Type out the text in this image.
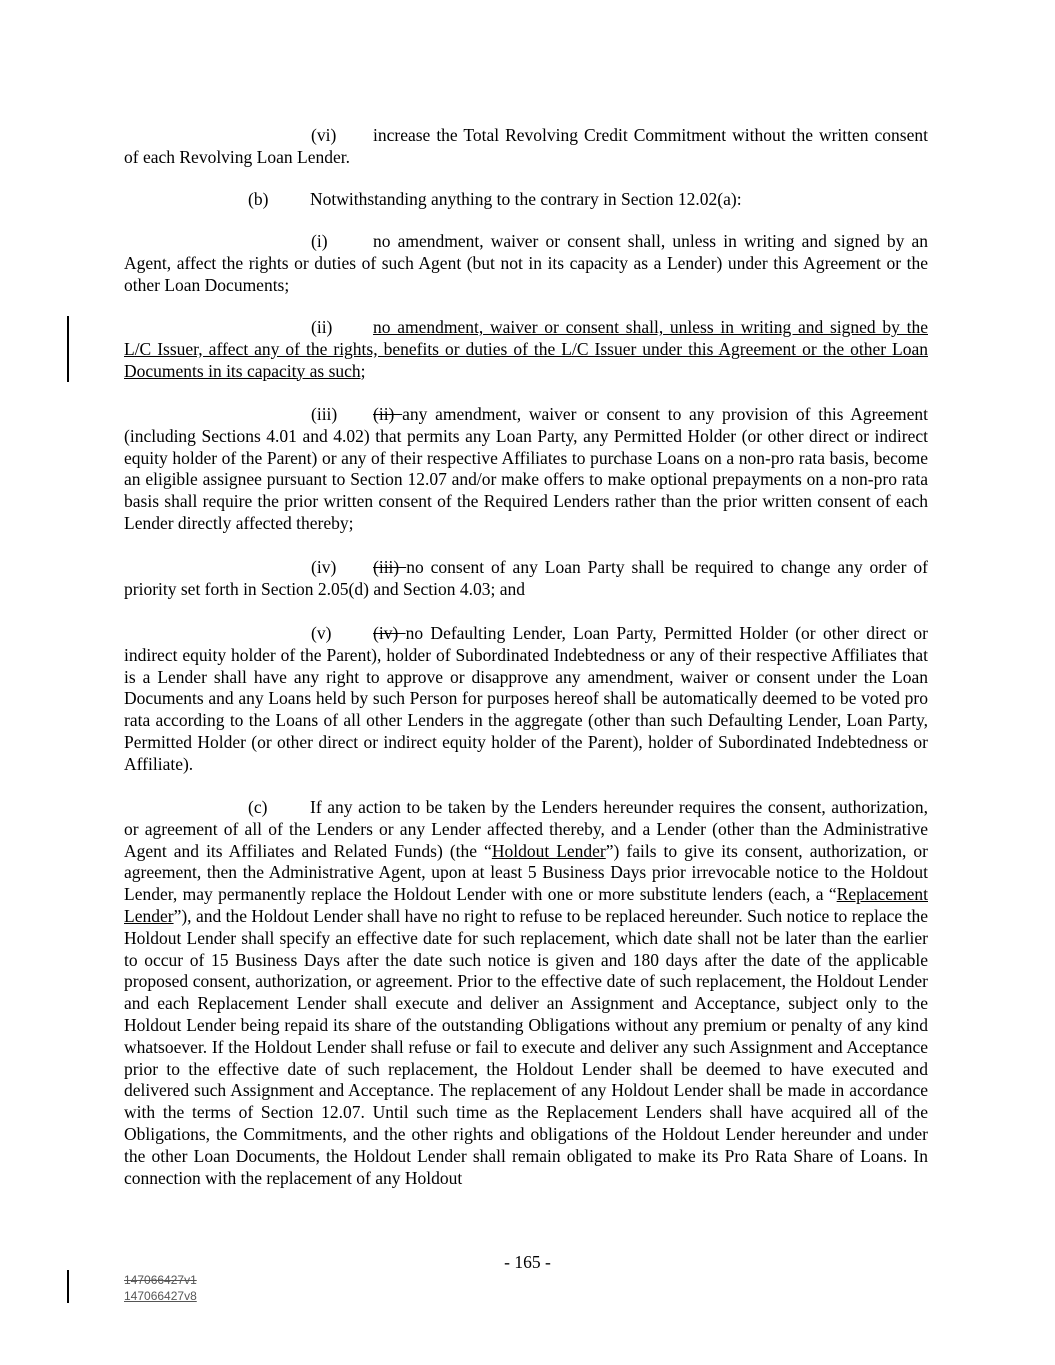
(vi) increase the Total Revolving Credit Commitment without the written consent of each Revolving Loan Lender.

(b) Notwithstanding anything to the contrary in Section 12.02(a):

(i)	no amendment, waiver or consent shall, unless in writing and signed by an Agent, affect the rights or duties of such Agent (but not in its capacity as a Lender) under this Agreement or the other Loan Documents;

(ii) no amendment, waiver or consent shall, unless in writing and signed by the L/C Issuer, affect any of the rights, benefits or duties of the L/C Issuer under this Agreement or the other Loan Documents in its capacity as such;

(iii) (ii) any amendment, waiver or consent to any provision of this Agreement (including Sections 4.01 and 4.02) that permits any Loan Party, any Permitted Holder (or other direct or indirect equity holder of the Parent) or any of their respective Affiliates to purchase Loans on a non-pro rata basis, become an eligible assignee pursuant to Section 12.07 and/or make offers to make optional prepayments on a non-pro rata basis shall require the prior written consent of the Required Lenders rather than the prior written consent of each Lender directly affected thereby;

(iv) (iii) no consent of any Loan Party shall be required to change any order of priority set forth in Section 2.05(d) and Section 4.03; and

(v) (iv) no Defaulting Lender, Loan Party, Permitted Holder (or other direct or indirect equity holder of the Parent), holder of Subordinated Indebtedness or any of their respective Affiliates that is a Lender shall have any right to approve or disapprove any amendment, waiver or consent under the Loan Documents and any Loans held by such Person for purposes hereof shall be automatically deemed to be voted pro rata according to the Loans of all other Lenders in the aggregate (other than such Defaulting Lender, Loan Party, Permitted Holder (or other direct or indirect equity holder of the Parent), holder of Subordinated Indebtedness or Affiliate).

(c) If any action to be taken by the Lenders hereunder requires the consent, authorization, or agreement of all of the Lenders or any Lender affected thereby, and a Lender (other than the Administrative Agent and its Affiliates and Related Funds) (the “Holdout Lender”) fails to give its consent, authorization, or agreement, then the Administrative Agent, upon at least 5 Business Days prior irrevocable notice to the Holdout Lender, may permanently replace the Holdout Lender with one or more substitute lenders (each, a “Replacement Lender”), and the Holdout Lender shall have no right to refuse to be replaced hereunder. Such notice to replace the Holdout Lender shall specify an effective date for such replacement, which date shall not be later than the earlier to occur of 15 Business Days after the date such notice is given and 180 days after the date of the applicable proposed consent, authorization, or agreement. Prior to the effective date of such replacement, the Holdout Lender and each Replacement Lender shall execute and deliver an Assignment and Acceptance, subject only to the Holdout Lender being repaid its share of the outstanding Obligations without any premium or penalty of any kind whatsoever. If the Holdout Lender shall refuse or fail to execute and deliver any such Assignment and Acceptance prior to the effective date of such replacement, the Holdout Lender shall be deemed to have executed and delivered such Assignment and Acceptance. The replacement of any Holdout Lender shall be made in accordance with the terms of Section 12.07. Until such time as the Replacement Lenders shall have acquired all of the Obligations, the Commitments, and the other rights and obligations of the Holdout Lender hereunder and under the other Loan Documents, the Holdout Lender shall remain obligated to make its Pro Rata Share of Loans. In connection with the replacement of any Holdout

- 165 -
147066427v1
147066427v8
